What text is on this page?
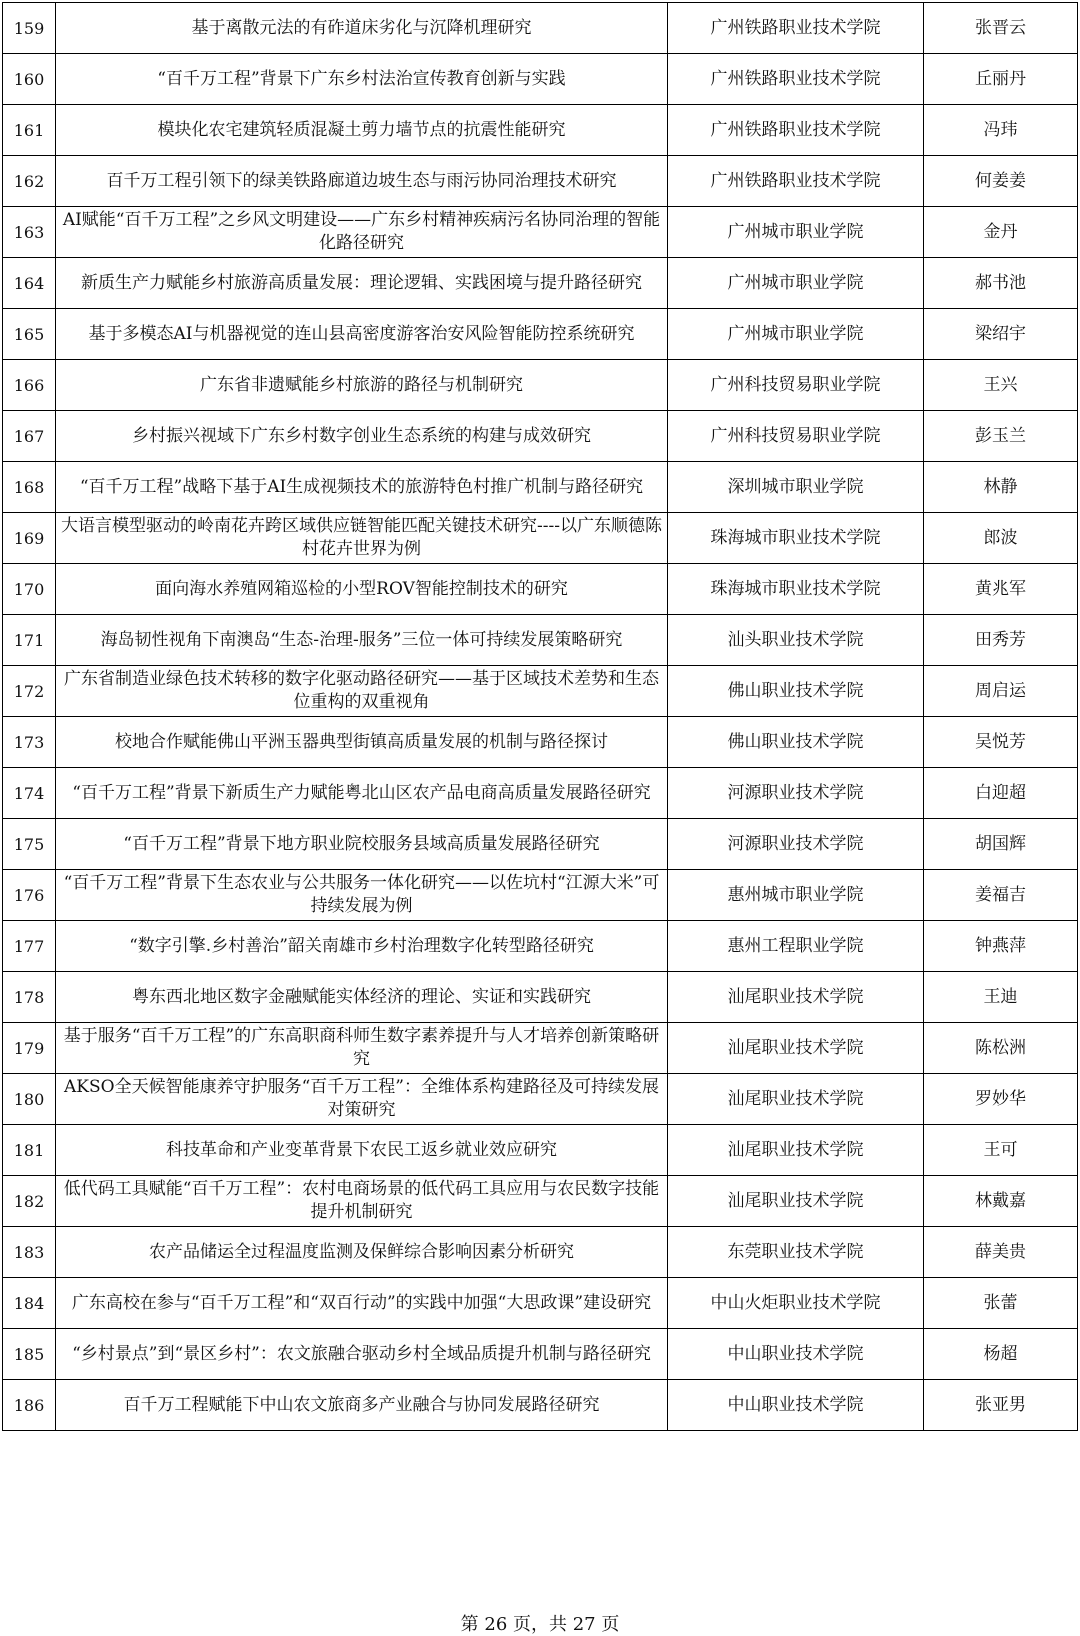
159	基于离散元法的有砟道床劣化与沉降机理研究	广州铁路职业技术学院	张晋云
160	“百千万工程”背景下广东乡村法治宣传教育创新与实践	广州铁路职业技术学院	丘丽丹
161	模块化农宅建筑轻质混凝土剪力墙节点的抗震性能研究	广州铁路职业技术学院	冯玮
162	百千万工程引领下的绿美铁路廊道边坡生态与雨污协同治理技术研究	广州铁路职业技术学院	何姜姜
163	AI赋能“百千万工程”之乡风文明建设——广东乡村精神疾病污名协同治理的智能化路径研究	广州城市职业学院	金丹
164	新质生产力赋能乡村旅游高质量发展：理论逻辑、实践困境与提升路径研究	广州城市职业学院	郝书池
165	基于多模态AI与机器视觉的连山县高密度游客治安风险智能防控系统研究	广州城市职业学院	梁绍宇
166	广东省非遗赋能乡村旅游的路径与机制研究	广州科技贸易职业学院	王兴
167	乡村振兴视域下广东乡村数字创业生态系统的构建与成效研究	广州科技贸易职业学院	彭玉兰
168	“百千万工程”战略下基于AI生成视频技术的旅游特色村推广机制与路径研究	深圳城市职业学院	林静
169	大语言模型驱动的岭南花卉跨区域供应链智能匹配关键技术研究----以广东顺德陈村花卉世界为例	珠海城市职业技术学院	郎波
170	面向海水养殖网箱巡检的小型ROV智能控制技术的研究	珠海城市职业技术学院	黄兆军
171	海岛韧性视角下南澳岛“生态-治理-服务”三位一体可持续发展策略研究	汕头职业技术学院	田秀芳
172	广东省制造业绿色技术转移的数字化驱动路径研究——基于区域技术差势和生态位重构的双重视角	佛山职业技术学院	周启运
173	校地合作赋能佛山平洲玉器典型街镇高质量发展的机制与路径探讨	佛山职业技术学院	吴悦芳
174	“百千万工程”背景下新质生产力赋能粤北山区农产品电商高质量发展路径研究	河源职业技术学院	白迎超
175	“百千万工程”背景下地方职业院校服务县域高质量发展路径研究	河源职业技术学院	胡国辉
176	“百千万工程”背景下生态农业与公共服务一体化研究——以佐坑村“江源大米”可持续发展为例	惠州城市职业学院	姜福吉
177	“数字引擎.乡村善治”韶关南雄市乡村治理数字化转型路径研究	惠州工程职业学院	钟燕萍
178	粤东西北地区数字金融赋能实体经济的理论、实证和实践研究	汕尾职业技术学院	王迪
179	基于服务“百千万工程”的广东高职商科师生数字素养提升与人才培养创新策略研究	汕尾职业技术学院	陈松洲
180	AKSO全天候智能康养守护服务“百千万工程”：全维体系构建路径及可持续发展对策研究	汕尾职业技术学院	罗妙华
181	科技革命和产业变革背景下农民工返乡就业效应研究	汕尾职业技术学院	王可
182	低代码工具赋能“百千万工程”：农村电商场景的低代码工具应用与农民数字技能提升机制研究	汕尾职业技术学院	林戴嘉
183	农产品储运全过程温度监测及保鲜综合影响因素分析研究	东莞职业技术学院	薛美贵
184	广东高校在参与“百千万工程”和“双百行动”的实践中加强“大思政课”建设研究	中山火炬职业技术学院	张蕾
185	“乡村景点”到“景区乡村”：农文旅融合驱动乡村全域品质提升机制与路径研究	中山职业技术学院	杨超
186	百千万工程赋能下中山农文旅商多产业融合与协同发展路径研究	中山职业技术学院	张亚男
第 26 页，共 27 页
